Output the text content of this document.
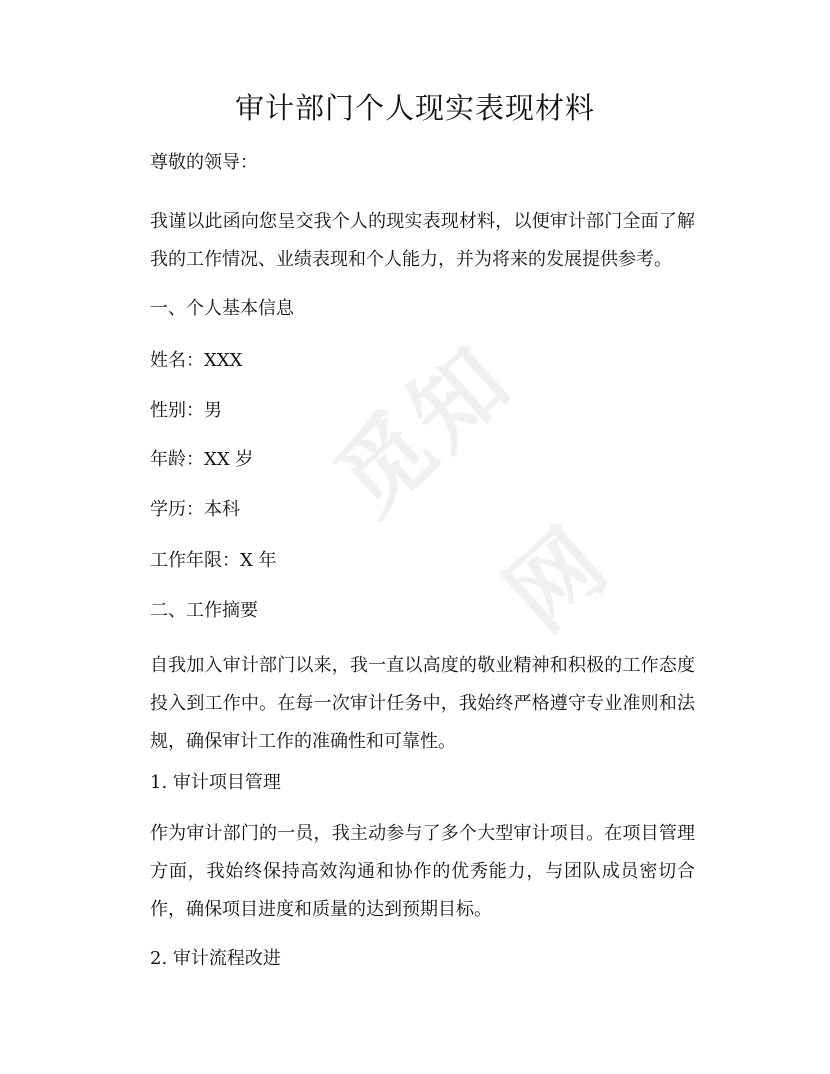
觅知网
审计部门个人现实表现材料

尊敬的领导：

我谨以此函向您呈交我个人的现实表现材料，以便审计部门全面了解我的工作情况、业绩表现和个人能力，并为将来的发展提供参考。

一、个人基本信息

姓名：XXX

性别：男

年龄：XX 岁

学历：本科

工作年限：X 年

二、工作摘要

自我加入审计部门以来，我一直以高度的敬业精神和积极的工作态度投入到工作中。在每一次审计任务中，我始终严格遵守专业准则和法规，确保审计工作的准确性和可靠性。

1. 审计项目管理

作为审计部门的一员，我主动参与了多个大型审计项目。在项目管理方面，我始终保持高效沟通和协作的优秀能力，与团队成员密切合作，确保项目进度和质量的达到预期目标。

2. 审计流程改进
